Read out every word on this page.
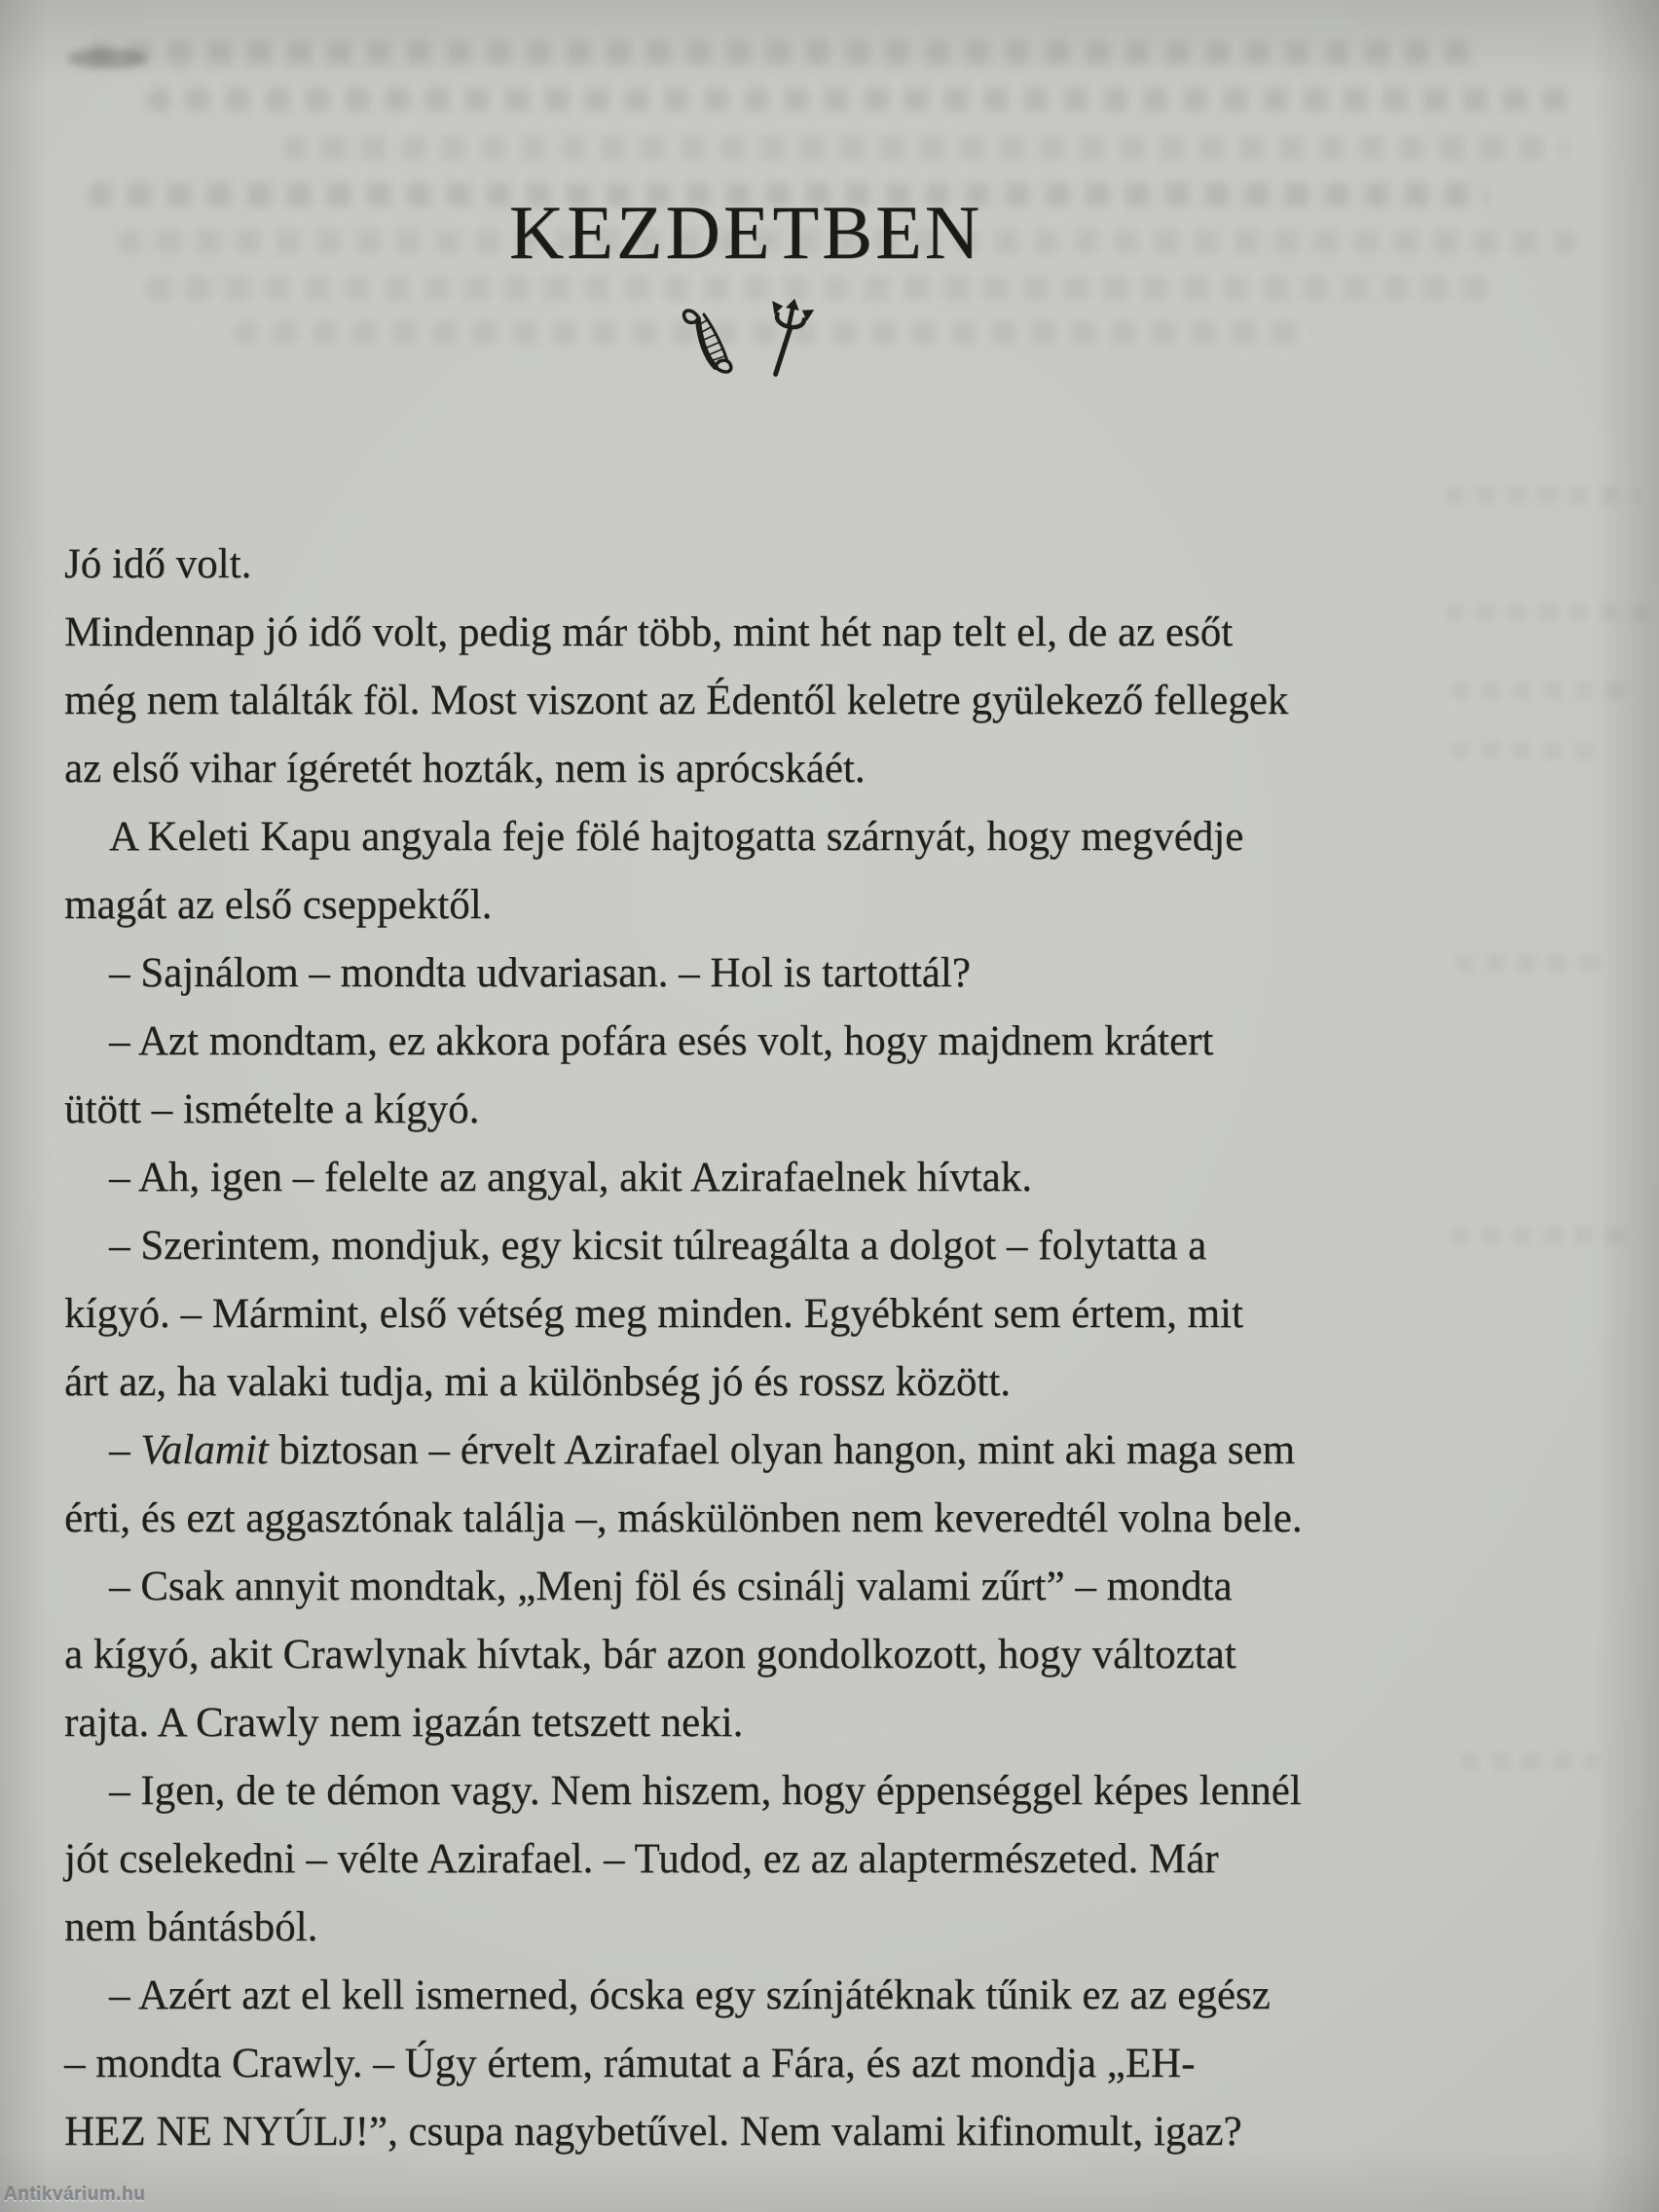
KEZDETBEN
Jó idő volt.
Mindennap jó idő volt, pedig már több, mint hét nap telt el, de az esőt
még nem találták föl. Most viszont az Édentől keletre gyülekező fellegek
az első vihar ígéretét hozták, nem is aprócskáét.
A Keleti Kapu angyala feje fölé hajtogatta szárnyát, hogy megvédje
magát az első cseppektől.
– Sajnálom – mondta udvariasan. – Hol is tartottál?
– Azt mondtam, ez akkora pofára esés volt, hogy majdnem krátert
ütött – ismételte a kígyó.
– Ah, igen – felelte az angyal, akit Azirafaelnek hívtak.
– Szerintem, mondjuk, egy kicsit túlreagálta a dolgot – folytatta a
kígyó. – Mármint, első vétség meg minden. Egyébként sem értem, mit
árt az, ha valaki tudja, mi a különbség jó és rossz között.
– Valamit biztosan – érvelt Azirafael olyan hangon, mint aki maga sem
érti, és ezt aggasztónak találja –, máskülönben nem keveredtél volna bele.
– Csak annyit mondtak, „Menj föl és csinálj valami zűrt” – mondta
a kígyó, akit Crawlynak hívtak, bár azon gondolkozott, hogy változtat
rajta. A Crawly nem igazán tetszett neki.
– Igen, de te démon vagy. Nem hiszem, hogy éppenséggel képes lennél
jót cselekedni – vélte Azirafael. – Tudod, ez az alaptermészeted. Már
nem bántásból.
– Azért azt el kell ismerned, ócska egy színjátéknak tűnik ez az egész
– mondta Crawly. – Úgy értem, rámutat a Fára, és azt mondja „EH-
HEZ NE NYÚLJ!”, csupa nagybetűvel. Nem valami kifinomult, igaz?
Antikvárium.hu
